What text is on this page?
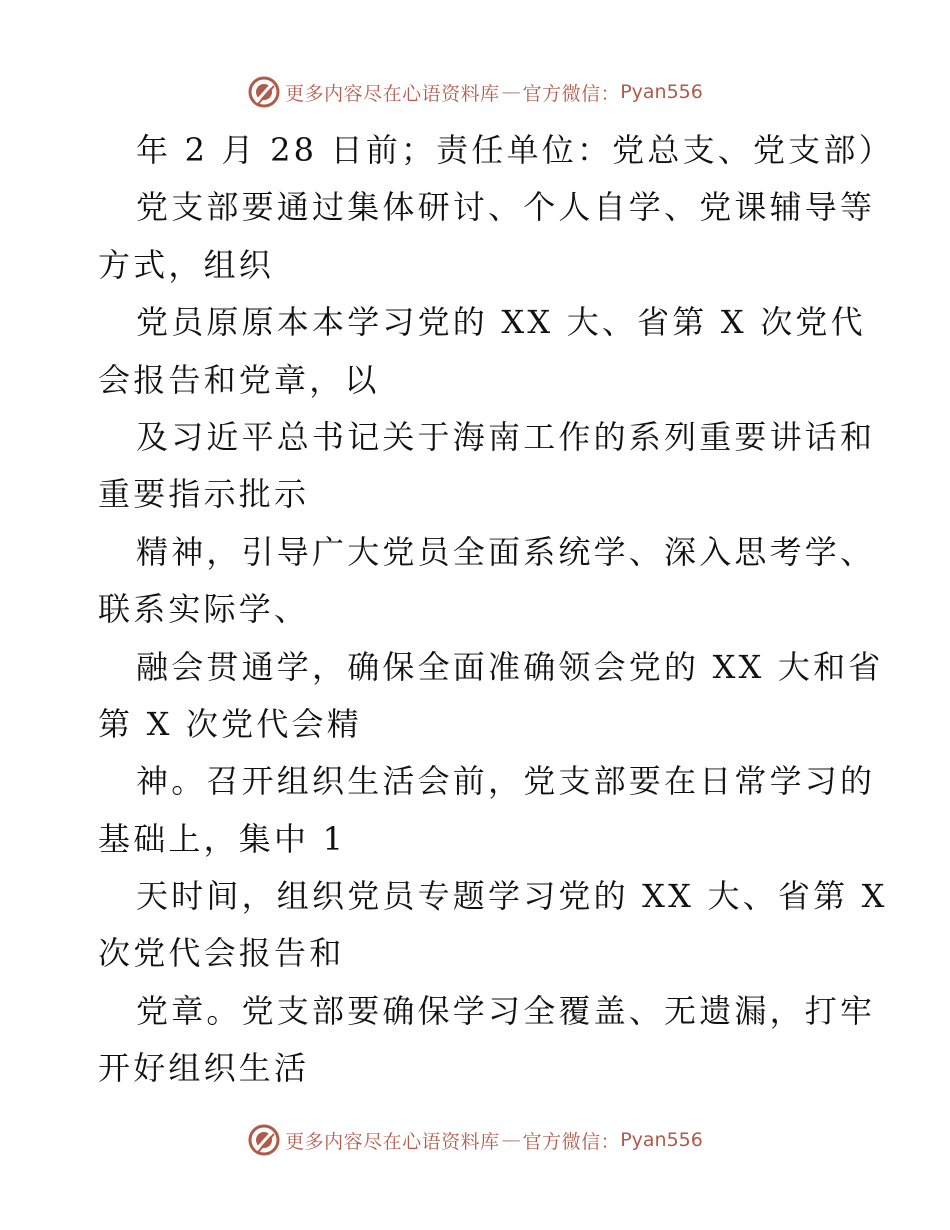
更多内容尽在心语资料库 — 官方微信： Pyan556
年 2 月 28 日前；责任单位：党总支、党支部）
党支部要通过集体研讨、个人自学、党课辅导等
方式，组织
党员原原本本学习党的 XX 大、省第 X 次党代
会报告和党章，以
及习近平总书记关于海南工作的系列重要讲话和
重要指示批示
精神，引导广大党员全面系统学、深入思考学、
联系实际学、
融会贯通学，确保全面准确领会党的 XX 大和省
第 X 次党代会精
神。召开组织生活会前，党支部要在日常学习的
基础上，集中 1
天时间，组织党员专题学习党的 XX 大、省第 X
次党代会报告和
党章。党支部要确保学习全覆盖、无遗漏，打牢
开好组织生活
更多内容尽在心语资料库 — 官方微信： Pyan556
